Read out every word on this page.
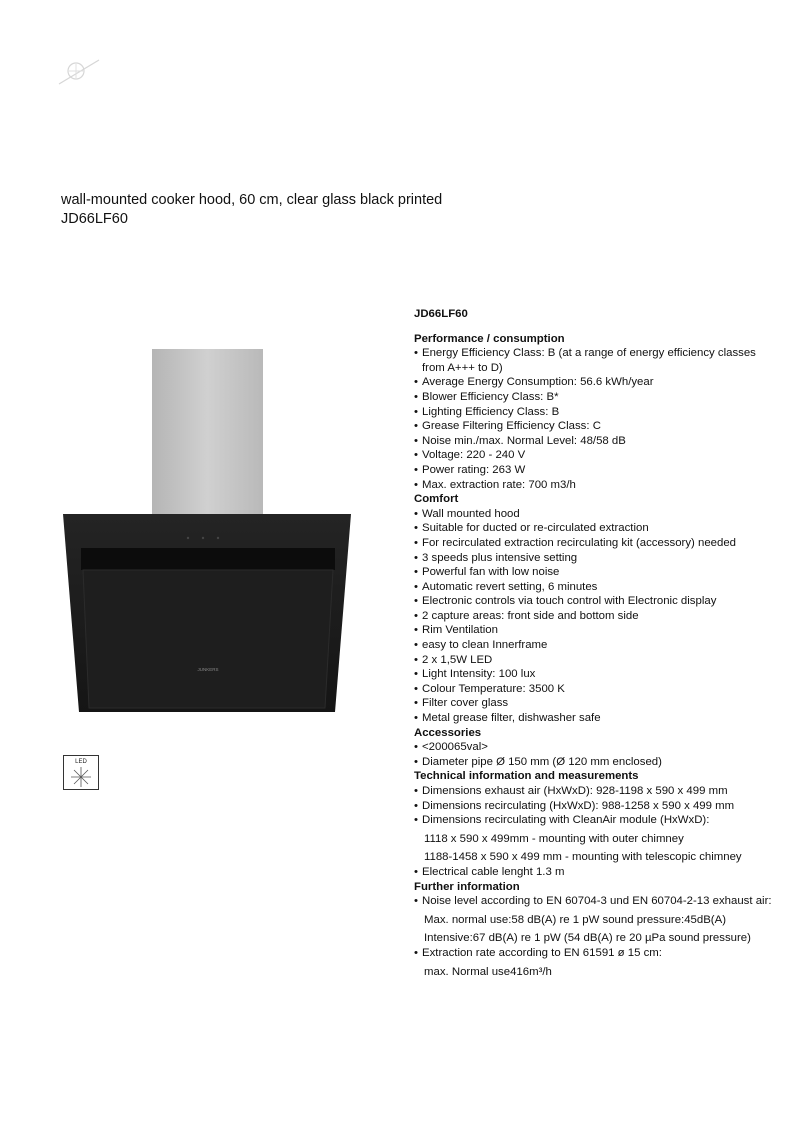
wall-mounted cooker hood, 60 cm, clear glass black printed
JD66LF60
JUNKERS
LED
JD66LF60
Performance / consumption
• Energy Efficiency Class: B (at a range of energy efficiency classes from A+++ to D)
• Average Energy Consumption: 56.6 kWh/year
• Blower Efficiency Class: B*
• Lighting Efficiency Class: B
• Grease Filtering Efficiency Class: C
• Noise min./max. Normal Level: 48/58 dB
• Voltage: 220 - 240 V
• Power rating: 263 W
• Max. extraction rate: 700 m3/h
Comfort
• Wall mounted hood
• Suitable for ducted or re-circulated extraction
• For recirculated extraction recirculating kit (accessory) needed
• 3 speeds plus intensive setting
• Powerful fan with low noise
• Automatic revert setting, 6 minutes
• Electronic controls via touch control with Electronic display
• 2 capture areas: front side and bottom side
• Rim Ventilation
• easy to clean Innerframe
• 2 x 1,5W LED
• Light Intensity: 100 lux
• Colour Temperature: 3500 K
• Filter cover glass
• Metal grease filter, dishwasher safe
Accessories
• <200065val>
• Diameter pipe Ø 150 mm (Ø 120 mm enclosed)
Technical information and measurements
• Dimensions exhaust air (HxWxD): 928-1198 x 590 x 499 mm
• Dimensions recirculating (HxWxD): 988-1258 x 590 x 499 mm
• Dimensions recirculating with CleanAir module (HxWxD):

1118 x 590 x 499mm - mounting with outer chimney

1188-1458 x 590 x 499 mm - mounting with telescopic chimney

• Electrical cable lenght 1.3 m
Further information
• Noise level according to EN 60704-3 und EN 60704-2-13 exhaust air:

Max. normal use:58 dB(A) re 1 pW sound pressure:45dB(A)

Intensive:67 dB(A) re 1 pW (54 dB(A) re 20 µPa sound pressure)

• Extraction rate according to EN 61591 ø 15 cm:

max. Normal use416m³/h
